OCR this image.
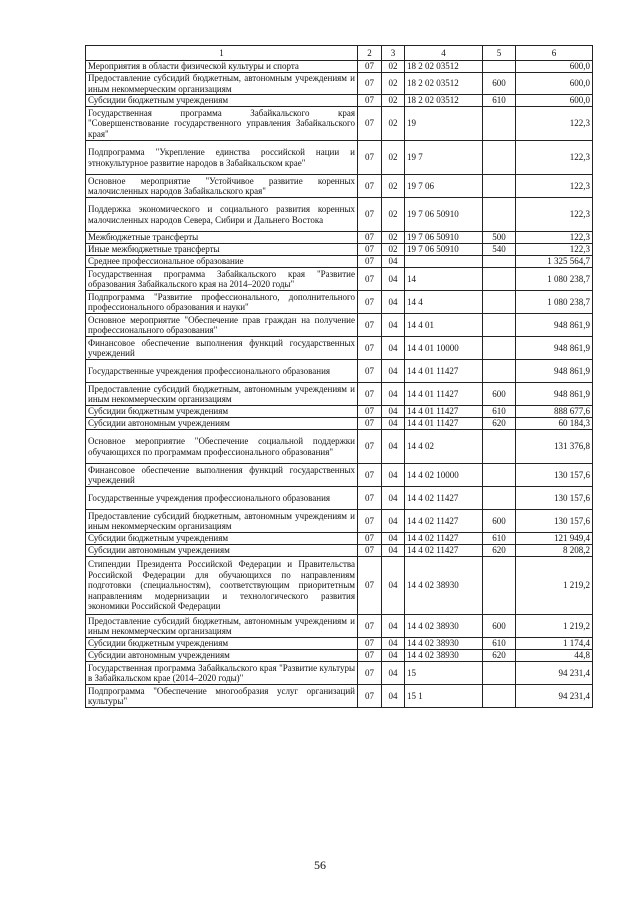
1	2	3	4	5	6
Мероприятия в области физической культуры и спорта	07	02	18 2 02 03512		600,0
Предоставление субсидий бюджетным, автономным учреждениям и иным некоммерческим организациям	07	02	18 2 02 03512	600	600,0
Субсидии бюджетным учреждениям	07	02	18 2 02 03512	610	600,0
Государственная программа Забайкальского края "Совершенствование государственного управления Забайкальского края"	07	02	19		122,3
Подпрограмма "Укрепление единства российской нации и этнокультурное развитие народов в Забайкальском крае"	07	02	19 7		122,3
Основное мероприятие "Устойчивое развитие коренных малочисленных народов Забайкальского края"	07	02	19 7 06		122,3
Поддержка экономического и социального развития коренных малочисленных народов Севера, Сибири и Дальнего Востока	07	02	19 7 06 50910		122,3
Межбюджетные трансферты	07	02	19 7 06 50910	500	122,3
Иные межбюджетные трансферты	07	02	19 7 06 50910	540	122,3
Среднее профессиональное образование	07	04			1 325 564,7
Государственная программа Забайкальского края "Развитие образования Забайкальского края на 2014–2020 годы"	07	04	14		1 080 238,7
Подпрограмма "Развитие профессионального, дополнительного профессионального образования и науки"	07	04	14 4		1 080 238,7
Основное мероприятие "Обеспечение прав граждан на получение профессионального образования"	07	04	14 4 01		948 861,9
Финансовое обеспечение выполнения функций государственных учреждений	07	04	14 4 01 10000		948 861,9
Государственные учреждения профессионального образования	07	04	14 4 01 11427		948 861,9
Предоставление субсидий бюджетным, автономным учреждениям и иным некоммерческим организациям	07	04	14 4 01 11427	600	948 861,9
Субсидии бюджетным учреждениям	07	04	14 4 01 11427	610	888 677,6
Субсидии автономным учреждениям	07	04	14 4 01 11427	620	60 184,3
Основное мероприятие "Обеспечение социальной поддержки обучающихся по программам профессионального образования"	07	04	14 4 02		131 376,8
Финансовое обеспечение выполнения функций государственных учреждений	07	04	14 4 02 10000		130 157,6
Государственные учреждения профессионального образования	07	04	14 4 02 11427		130 157,6
Предоставление субсидий бюджетным, автономным учреждениям и иным некоммерческим организациям	07	04	14 4 02 11427	600	130 157,6
Субсидии бюджетным учреждениям	07	04	14 4 02 11427	610	121 949,4
Субсидии автономным учреждениям	07	04	14 4 02 11427	620	8 208,2
Стипендии Президента Российской Федерации и Правительства Российской Федерации для обучающихся по направлениям подготовки (специальностям), соответствующим приоритетным направлениям модернизации и технологического развития экономики Российской Федерации	07	04	14 4 02 38930		1 219,2
Предоставление субсидий бюджетным, автономным учреждениям и иным некоммерческим организациям	07	04	14 4 02 38930	600	1 219,2
Субсидии бюджетным учреждениям	07	04	14 4 02 38930	610	1 174,4
Субсидии автономным учреждениям	07	04	14 4 02 38930	620	44,8
Государственная программа Забайкальского края "Развитие культуры в Забайкальском крае (2014–2020 годы)"	07	04	15		94 231,4
Подпрограмма "Обеспечение многообразия услуг организаций культуры"	07	04	15 1		94 231,4
56
